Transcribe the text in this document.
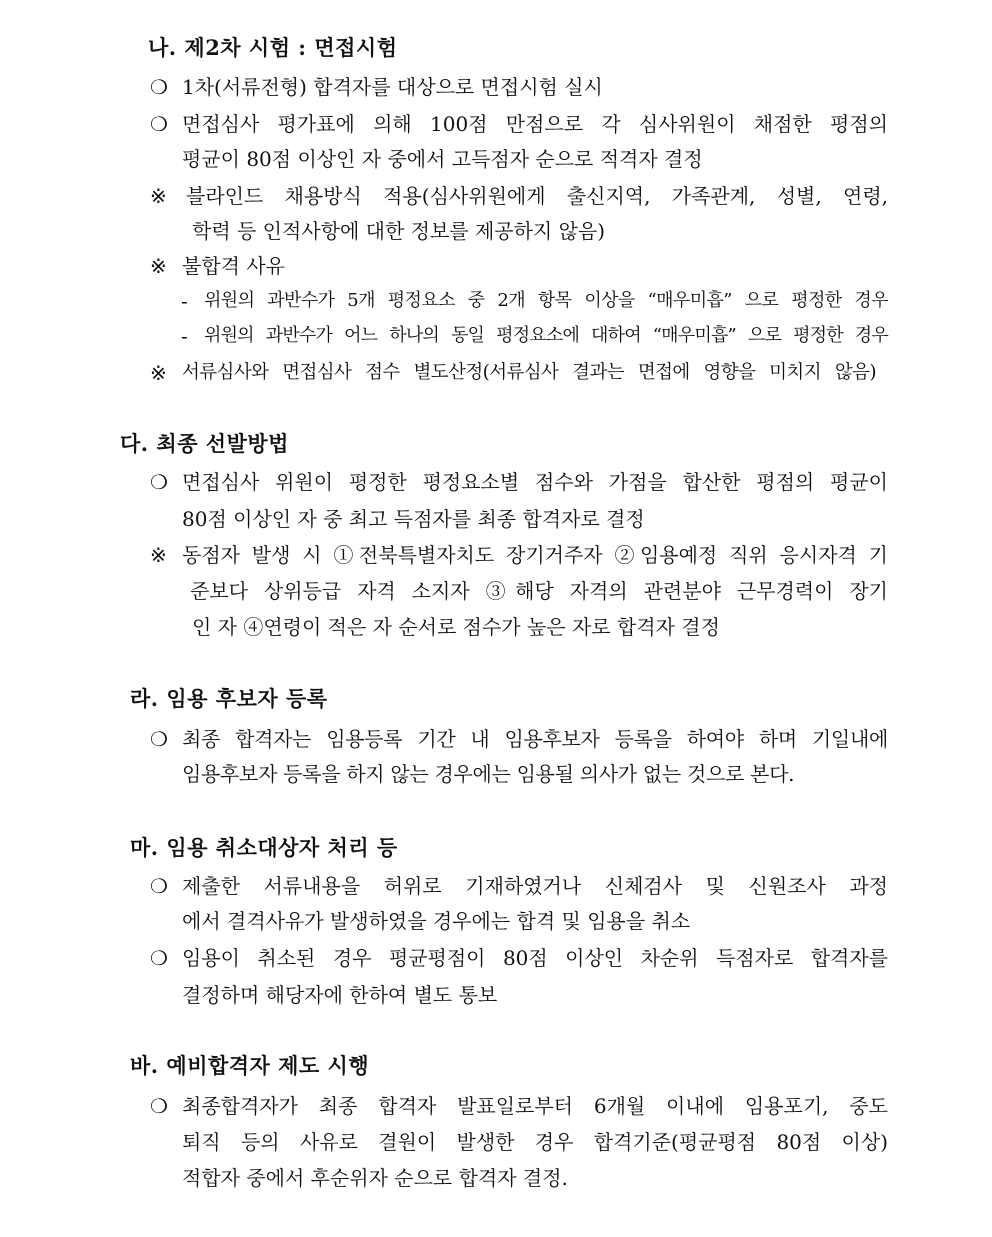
나. 제2차 시험 : 면접시험
❍ 1차(서류전형) 합격자를 대상으로 면접시험 실시
❍ 면접심사 평가표에 의해 100점 만점으로 각 심사위원이 채점한 평점의
평균이 80점 이상인 자 중에서 고득점자 순으로 적격자 결정
※ 블라인드 채용방식 적용(심사위원에게 출신지역, 가족관계, 성별, 연령,
학력 등 인적사항에 대한 정보를 제공하지 않음)
※ 불합격 사유
- 위원의 과반수가 5개 평정요소 중 2개 항목 이상을 “매우미흡” 으로 평정한 경우
- 위원의 과반수가 어느 하나의 동일 평정요소에 대하여 “매우미흡” 으로 평정한 경우
※ 서류심사와 면접심사 점수 별도산정(서류심사 결과는 면접에 영향을 미치지 않음)
다. 최종 선발방법
❍ 면접심사 위원이 평정한 평정요소별 점수와 가점을 합산한 평점의 평균이
80점 이상인 자 중 최고 득점자를 최종 합격자로 결정
※ 동점자 발생 시 ①전북특별자치도 장기거주자 ②임용예정 직위 응시자격 기
준보다 상위등급 자격 소지자 ③해당 자격의 관련분야 근무경력이 장기
인 자 ④연령이 적은 자 순서로 점수가 높은 자로 합격자 결정
라. 임용 후보자 등록
❍ 최종 합격자는 임용등록 기간 내 임용후보자 등록을 하여야 하며 기일내에
임용후보자 등록을 하지 않는 경우에는 임용될 의사가 없는 것으로 본다.
마. 임용 취소대상자 처리 등
❍ 제출한 서류내용을 허위로 기재하였거나 신체검사 및 신원조사 과정
에서 결격사유가 발생하였을 경우에는 합격 및 임용을 취소
❍ 임용이 취소된 경우 평균평점이 80점 이상인 차순위 득점자로 합격자를
결정하며 해당자에 한하여 별도 통보
바. 예비합격자 제도 시행
❍ 최종합격자가 최종 합격자 발표일로부터 6개월 이내에 임용포기, 중도
퇴직 등의 사유로 결원이 발생한 경우 합격기준(평균평점 80점 이상)
적합자 중에서 후순위자 순으로 합격자 결정.
